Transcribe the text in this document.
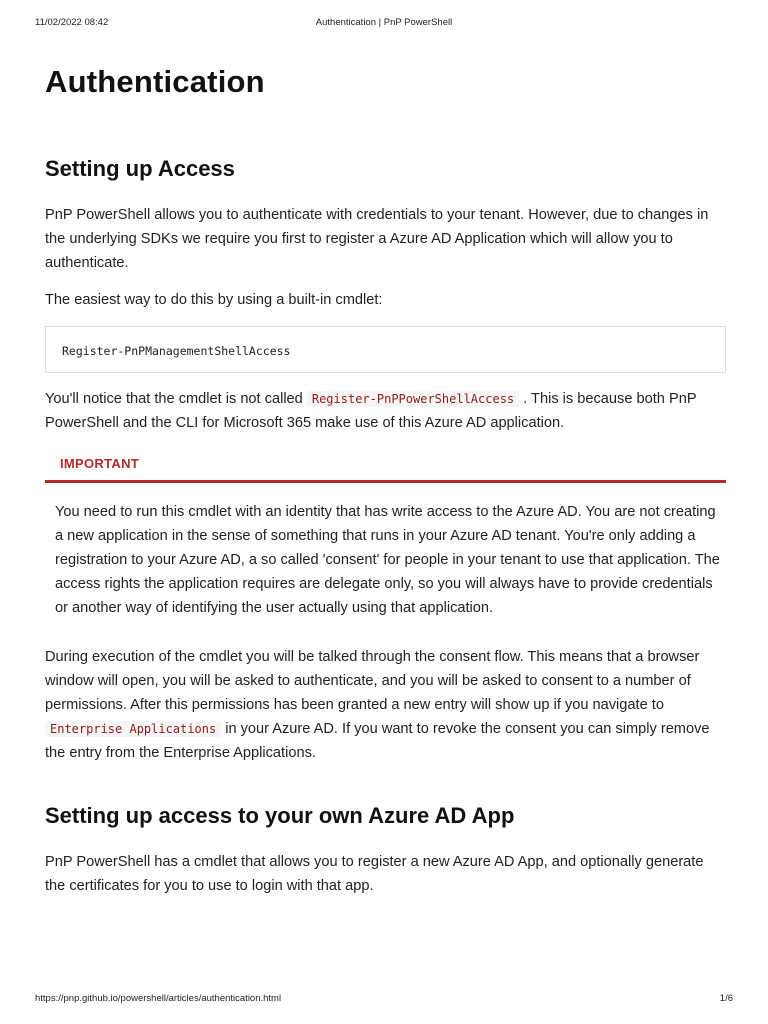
11/02/2022 08:42	Authentication | PnP PowerShell
Authentication
Setting up Access

PnP PowerShell allows you to authenticate with credentials to your tenant. However, due to changes in the underlying SDKs we require you first to register a Azure AD Application which will allow you to authenticate.

The easiest way to do this by using a built-in cmdlet:

Register-PnPManagementShellAccess

You'll notice that the cmdlet is not called Register-PnPPowerShellAccess . This is because both PnP PowerShell and the CLI for Microsoft 365 make use of this Azure AD application.

IMPORTANT

You need to run this cmdlet with an identity that has write access to the Azure AD. You are not creating a new application in the sense of something that runs in your Azure AD tenant. You're only adding a registration to your Azure AD, a so called 'consent' for people in your tenant to use that application. The access rights the application requires are delegate only, so you will always have to provide credentials or another way of identifying the user actually using that application.

During execution of the cmdlet you will be talked through the consent flow. This means that a browser window will open, you will be asked to authenticate, and you will be asked to consent to a number of permissions. After this permissions has been granted a new entry will show up if you navigate to Enterprise Applications in your Azure AD. If you want to revoke the consent you can simply remove the entry from the Enterprise Applications.

Setting up access to your own Azure AD App

PnP PowerShell has a cmdlet that allows you to register a new Azure AD App, and optionally generate the certificates for you to use to login with that app.

https://pnp.github.io/powershell/articles/authentication.html	1/6
